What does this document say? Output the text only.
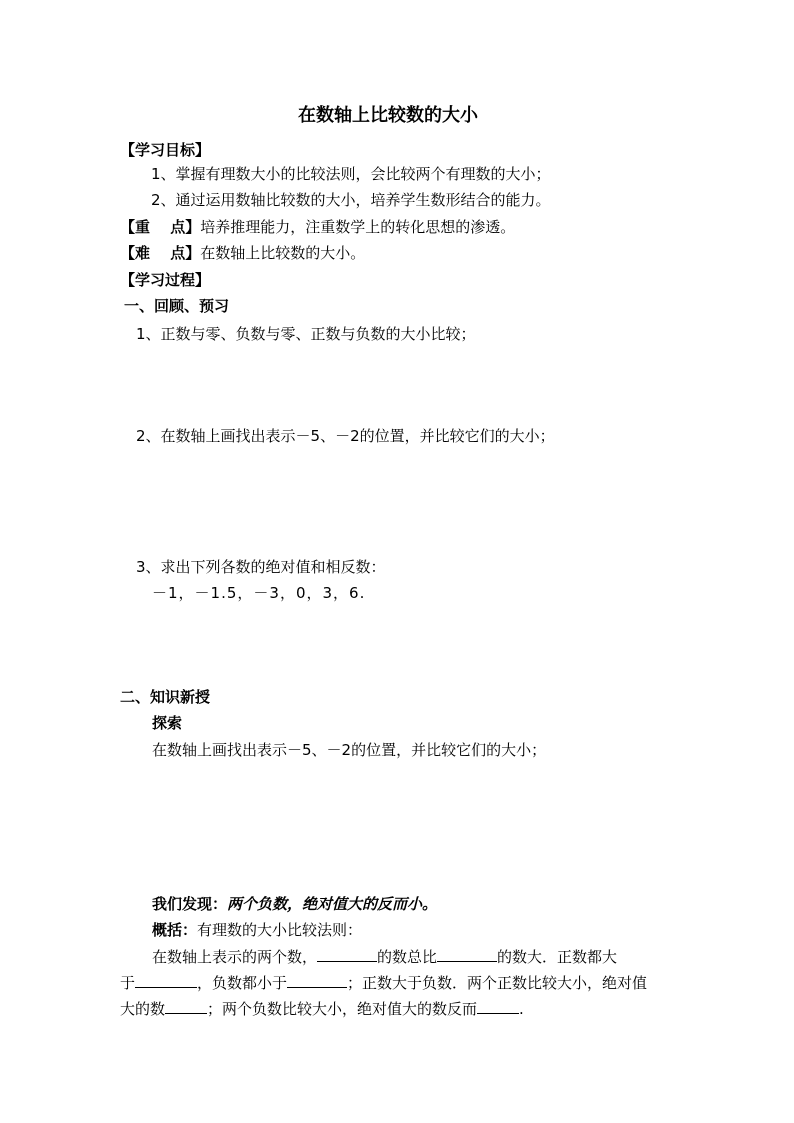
在数轴上比较数的大小
【学习目标】
1、掌握有理数大小的比较法则，会比较两个有理数的大小；
2、通过运用数轴比较数的大小，培养学生数形结合的能力。
【重　 点】培养推理能力，注重数学上的转化思想的渗透。
【难　 点】在数轴上比较数的大小。
【学习过程】
一、回顾、预习
1、正数与零、负数与零、正数与负数的大小比较；
2、在数轴上画找出表示－5、－2的位置，并比较它们的大小；
3、求出下列各数的绝对值和相反数：
－1，－1.5，－3，0，3，6.
二、知识新授
探索
在数轴上画找出表示－5、－2的位置，并比较它们的大小；
我们发现：两个负数，绝对值大的反而小。
概括：有理数的大小比较法则：
在数轴上表示的两个数，	的数总比	的数大．正数都大
于	，负数都小于	；正数大于负数．两个正数比较大小，绝对值
大的数	；两个负数比较大小，绝对值大的数反而	.
